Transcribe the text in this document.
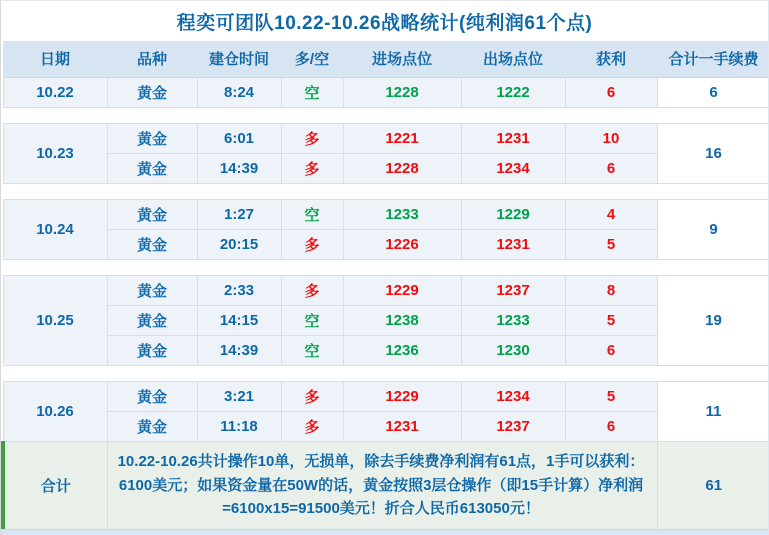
程奕可团队10.22-10.26战略统计(纯利润61个点)
日期	品种	建仓时间	多/空	进场点位	出场点位	获利	合计一手续费
10.22	黄金	8:24	空	1228	1222	6	6

10.23	黄金	6:01	多	1221	1231	10	16
	黄金	14:39	多	1228	1234	6	

10.24	黄金	1:27	空	1233	1229	4	9
	黄金	20:15	多	1226	1231	5	

10.25	黄金	2:33	多	1229	1237	8	19
	黄金	14:15	空	1238	1233	5	
	黄金	14:39	空	1236	1230	6	

10.26	黄金	3:21	多	1229	1234	5	11
	黄金	11:18	多	1231	1237	6	
合计	10.22-10.26共计操作10单，无损单，除去手续费净利润有61点，1手可以获利：6100美元；如果资金量在50W的话，黄金按照3层仓操作（即15手计算）净利润=6100x15=91500美元！折合人民币613050元！						61
